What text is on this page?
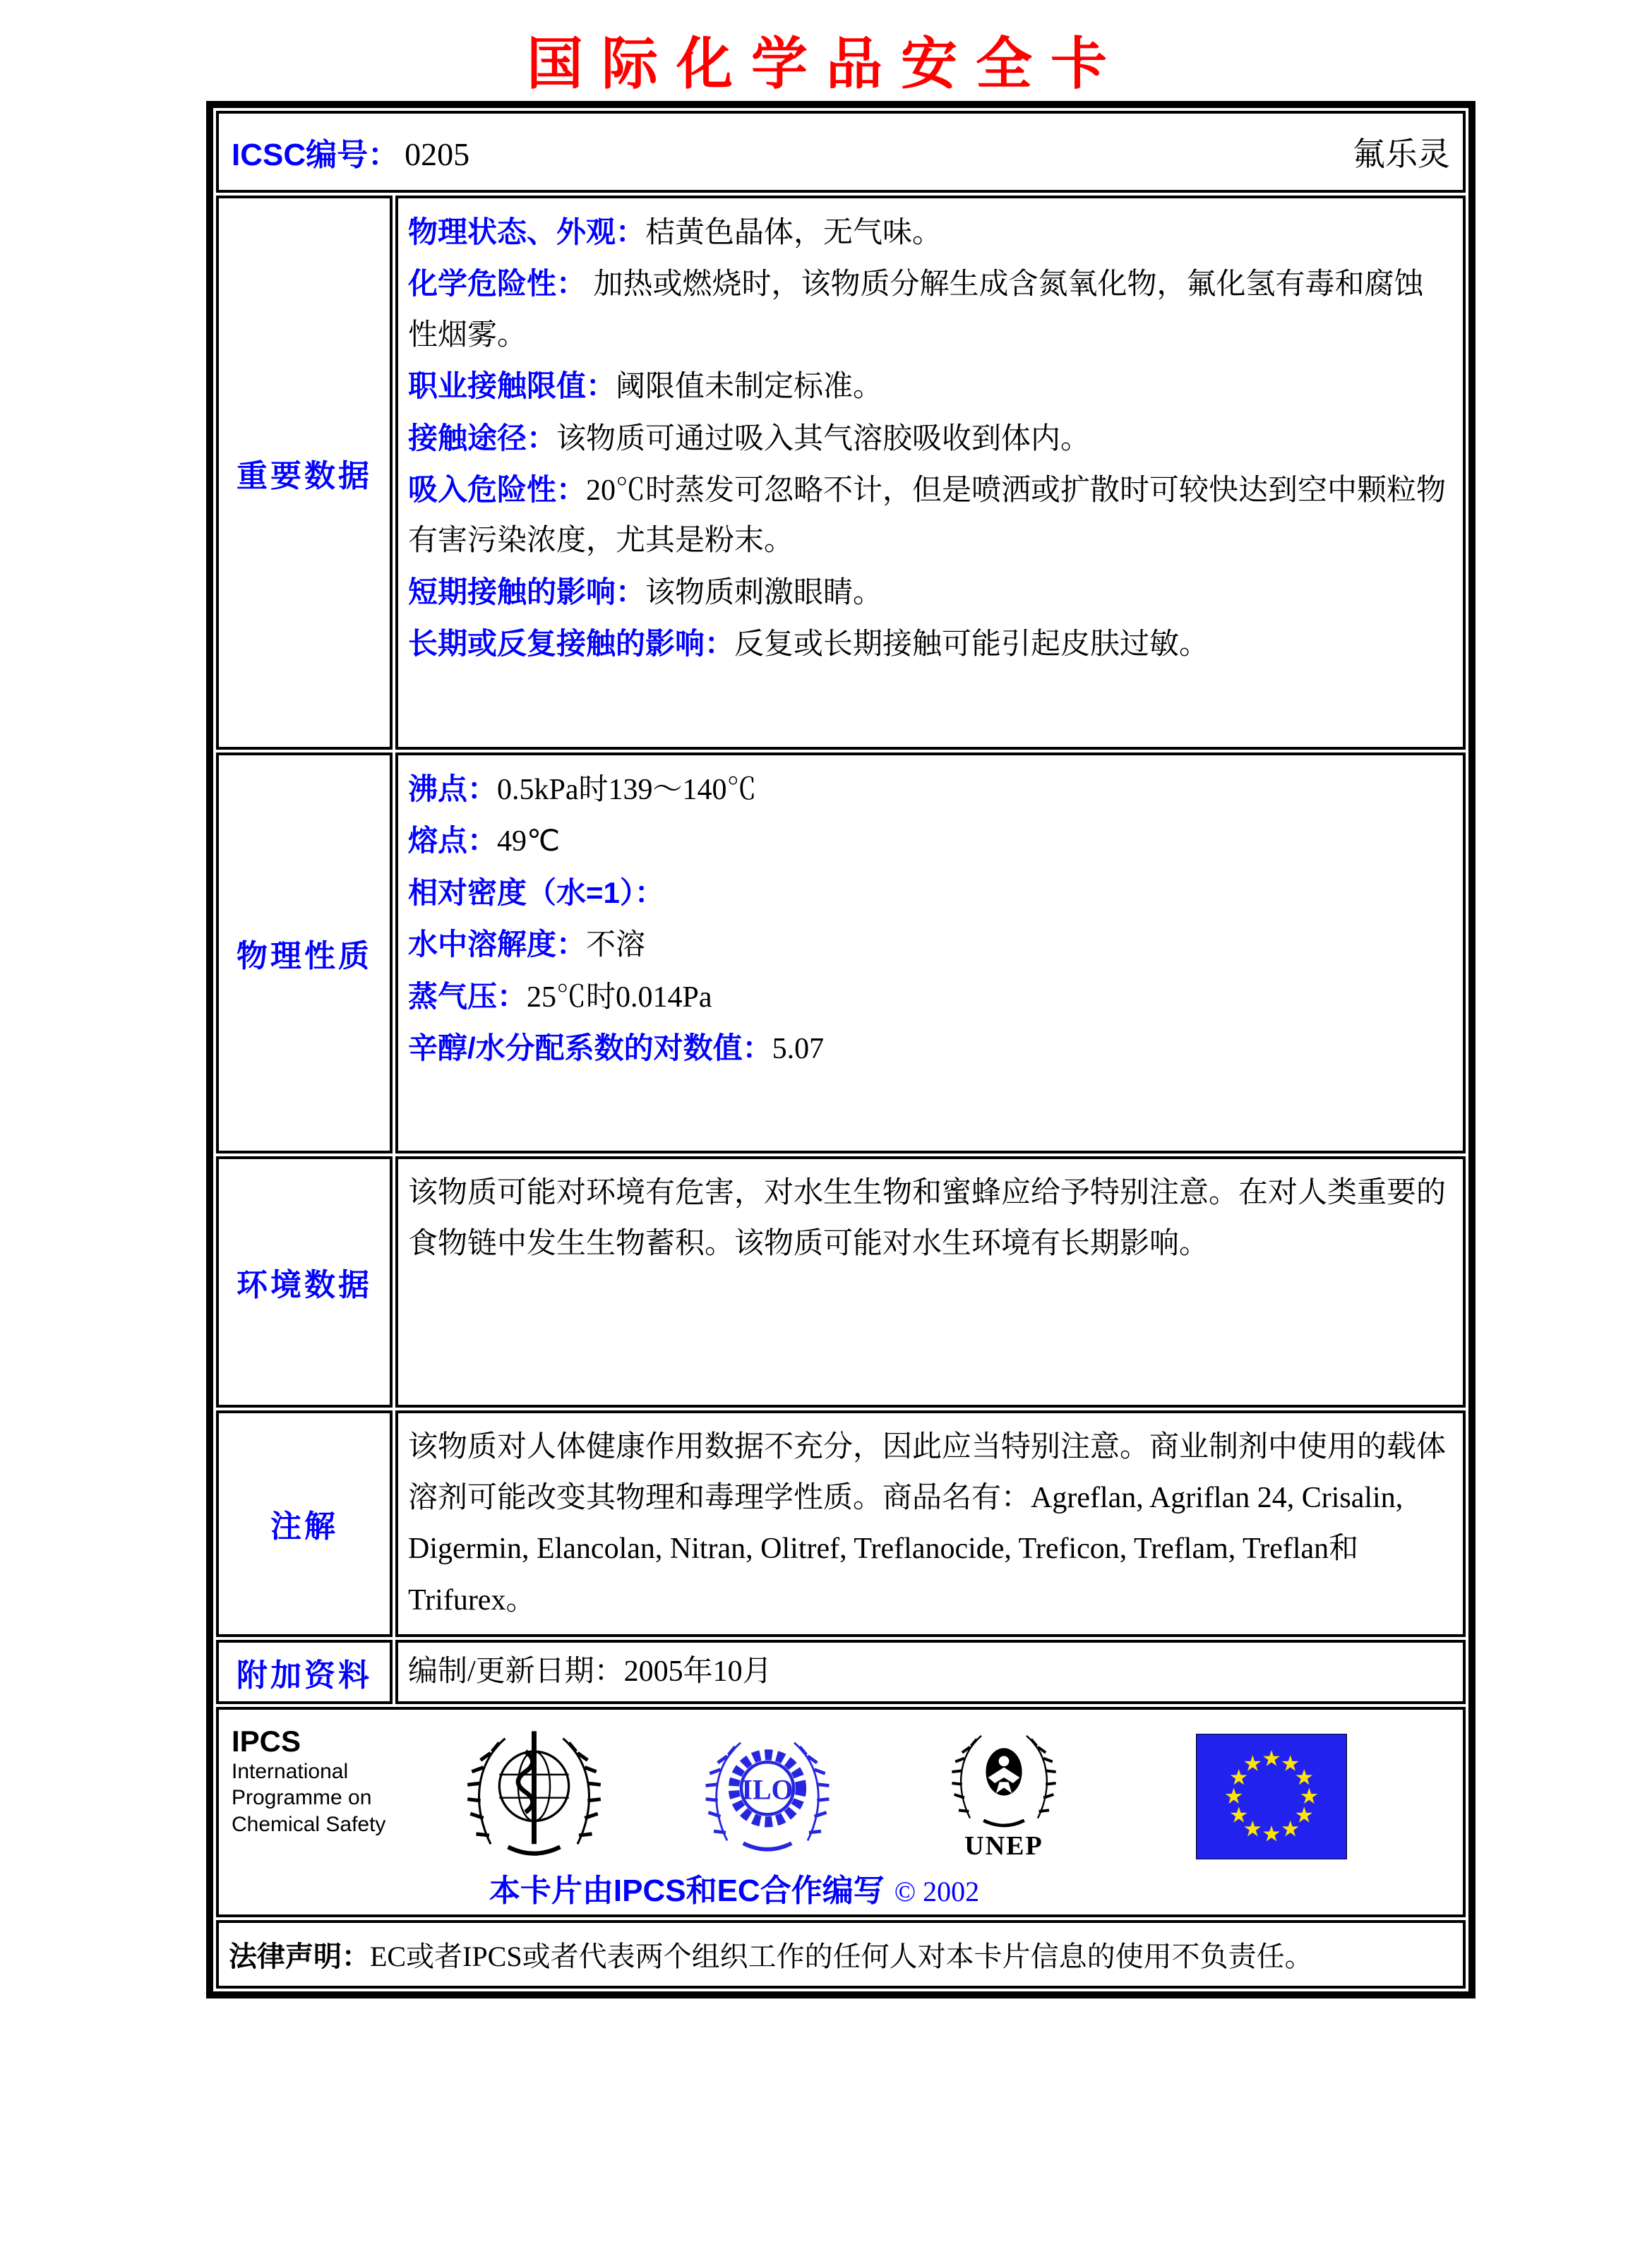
国际化学品安全卡
ICSC编号： 0205 氟乐灵	

重要数据	
物理状态、外观：桔黄色晶体，无气味。
化学危险性： 加热或燃烧时，该物质分解生成含氮氧化物，氟化氢有毒和腐蚀性烟雾。
职业接触限值：阈限值未制定标准。
接触途径：该物质可通过吸入其气溶胶吸收到体内。
吸入危险性：20℃时蒸发可忽略不计，但是喷洒或扩散时可较快达到空中颗粒物有害污染浓度，尤其是粉末。
短期接触的影响：该物质刺激眼睛。
长期或反复接触的影响：反复或长期接触可能引起皮肤过敏。

物理性质	
沸点：0.5kPa时139～140℃
熔点：49℃
相对密度（水=1）：
水中溶解度：不溶
蒸气压：25℃时0.014Pa
辛醇/水分配系数的对数值：5.07

环境数据	该物质可能对环境有危害，对水生生物和蜜蜂应给予特别注意。在对人类重要的食物链中发生生物蓄积。该物质可能对水生环境有长期影响。

注解	该物质对人体健康作用数据不充分，因此应当特别注意。商业制剂中使用的载体溶剂可能改变其物理和毒理学性质。商品名有：Agreflan, Agriflan 24, Crisalin, Digermin, Elancolan, Nitran, Olitref, Treflanocide, Treficon, Treflam, Treflan和 Trifurex。

附加资料	编制/更新日期：2005年10月

IPCS
International
Programme on
Chemical Safety
ILO
UNEP
本卡片由IPCS和EC合作编写 © 2002

法律声明：EC或者IPCS或者代表两个组织工作的任何人对本卡片信息的使用不负责任。	
